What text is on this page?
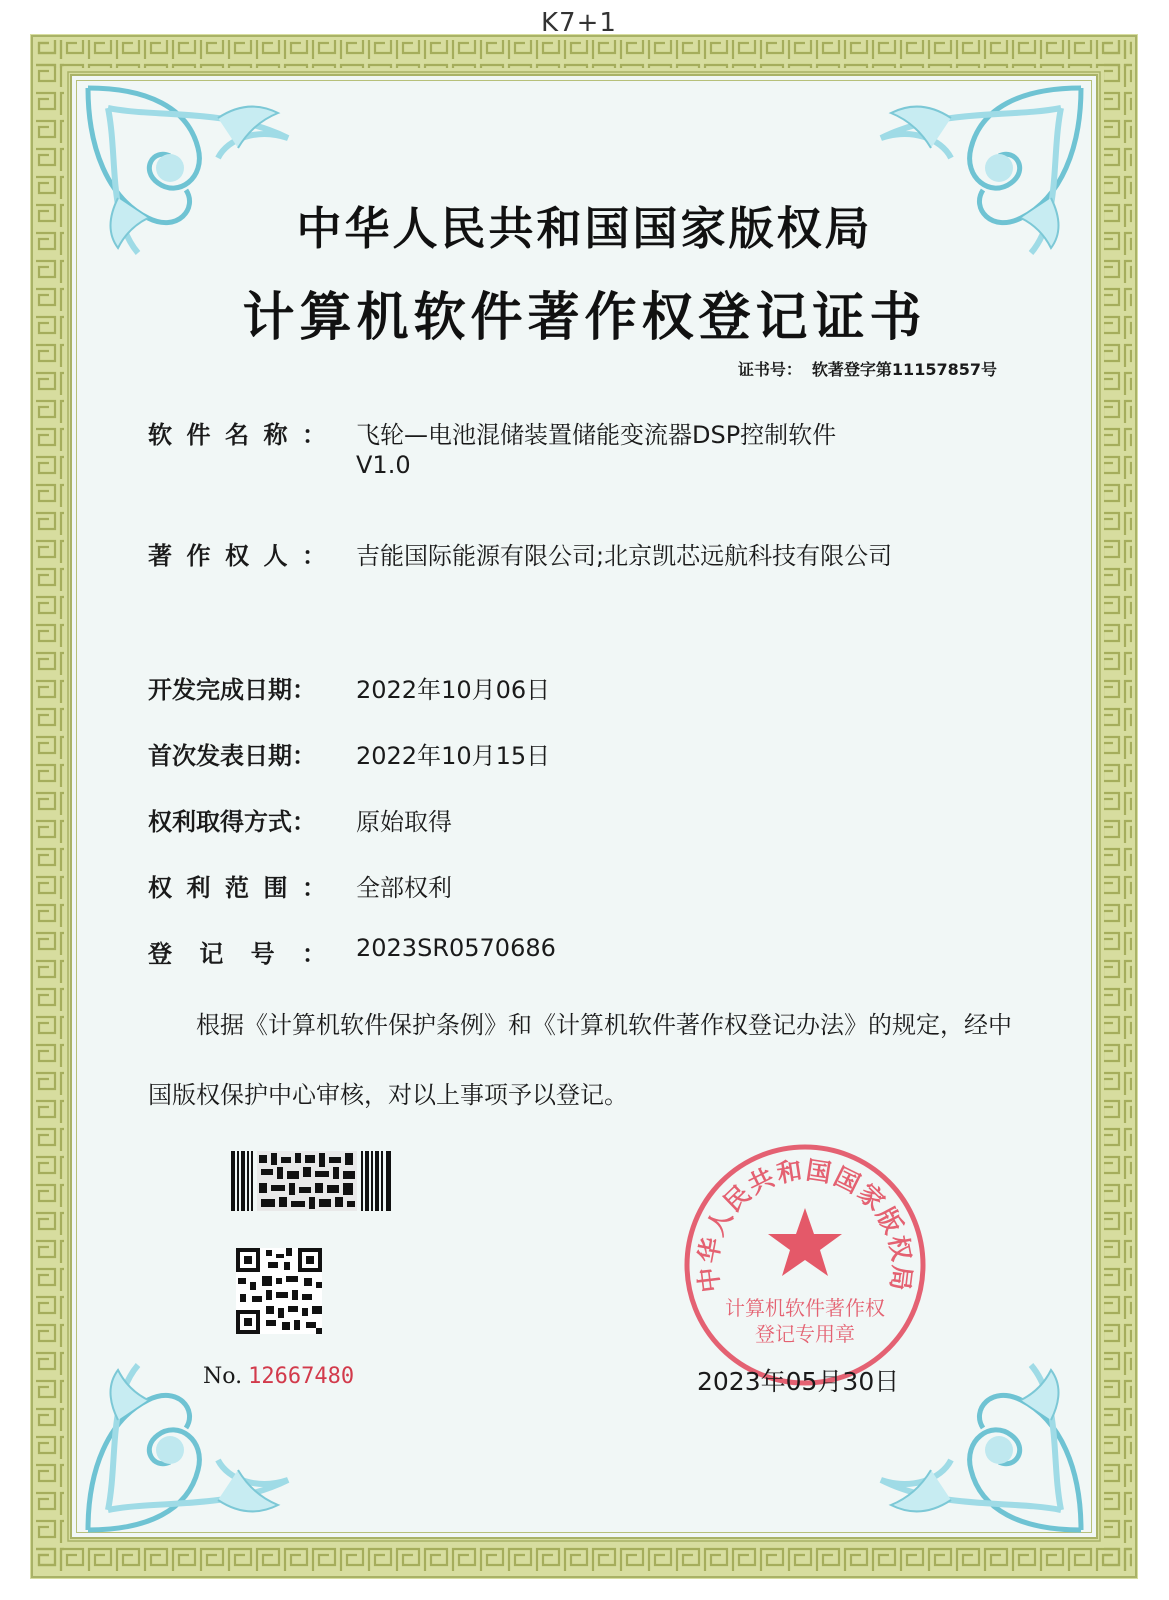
K7+1
中华人民共和国国家版权局
计算机软件著作权登记证书
证书号： 软著登字第11157857号
软件名称： 飞轮—电池混储装置储能变流器DSP控制软件
V1.0
著作权人： 吉能国际能源有限公司;北京凯芯远航科技有限公司
开发完成日期： 2022年10月06日
首次发表日期： 2022年10月15日
权利取得方式： 原始取得
权利范围： 全部权利
登记号： 2023SR0570686
根据《计算机软件保护条例》和《计算机软件著作权登记办法》的规定，经中国版权保护中心审核，对以上事项予以登记。
No. 12667480
中华人民共和国国家版权局
计算机软件著作权
登记专用章
2023年05月30日
